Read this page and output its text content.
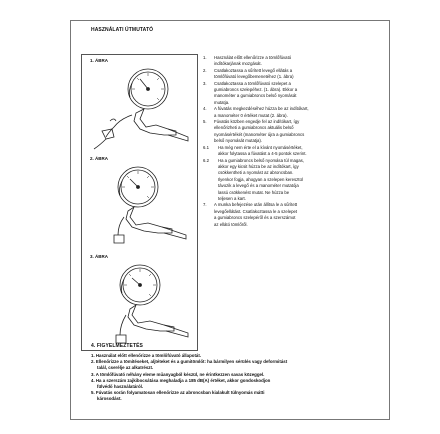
HASZNÁLATI ÚTMUTATÓ
1. ÁBRA
2. ÁBRA
3. ÁBRA
1. Használat előtt ellenőrizze a tömlőfúvató
indítókarjának mozgását.
2. Csatlakoztassa a sűrített levegő ellátás a
tömlőfúvató levegőbemenetéhez (1. ábra)
3. Csatlakoztassa a tömlőfúvató szelepet a
gumiabroncs szelepéhez. (1. ábra). Ekkor a
manométer a gumiabroncs belső nyomását
mutatja.
4. A fúvatás megkezdéséhez húzza be az indítókart,
a manométer 0 értéket mutat (2. ábra).
5. Fúvatás közben engedje fel az indítókart, így
ellenőrizheti a gumiabroncs aktuális belső
nyomásértékét (manométer újra a gumiabroncs
belső nyomását mutatja).
6.1 Ha még nem érte el a kívánt nyomásértéket,
akkor folytassa a fúvatást a 4-5 pontok szerint.
6.2 Ha a gumiabroncs belső nyomása túl magas,
akkor egy kicsit húzza be az indítókart, így
csökkentheti a nyomást az abroncsban.
Ilyenkor fogja, ahogyan a szelepen keresztül
távozik a levegő és a manométer mutatója
lassú csökkenést mutat. Ne húzza be
teljesen a kart.
7. A munka befejezése után állítsa le a sűrített
levegőellátást. Csatlakoztassa le a szelepet
a gumiabroncs szelepéről és a szerszámot
az ellátó tömlőről.
4. FIGYELMEZTETÉS
1. Használat előtt ellenőrizze a tömlőfúvató állapotát.
2. Ellenőrizze a tömítéseket, aljtéteket és a gumitömlőt: ha bármilyen sérülés vagy deformitást
talál, cserélje az alkatrészt.
3. A tömlőfúvató néhány eleme műanyagból készül, ne érintkezzen savas közeggel.
4. Ha a szerszám zajkibocsátása meghaladja a 185 dB(A) értéket, akkor gondoskodjon
fülvédő használatáról.
5. Fúvatás során folyamatosan ellenőrizze az abroncsban kialakult túlnyomás mátti
károsodást.
